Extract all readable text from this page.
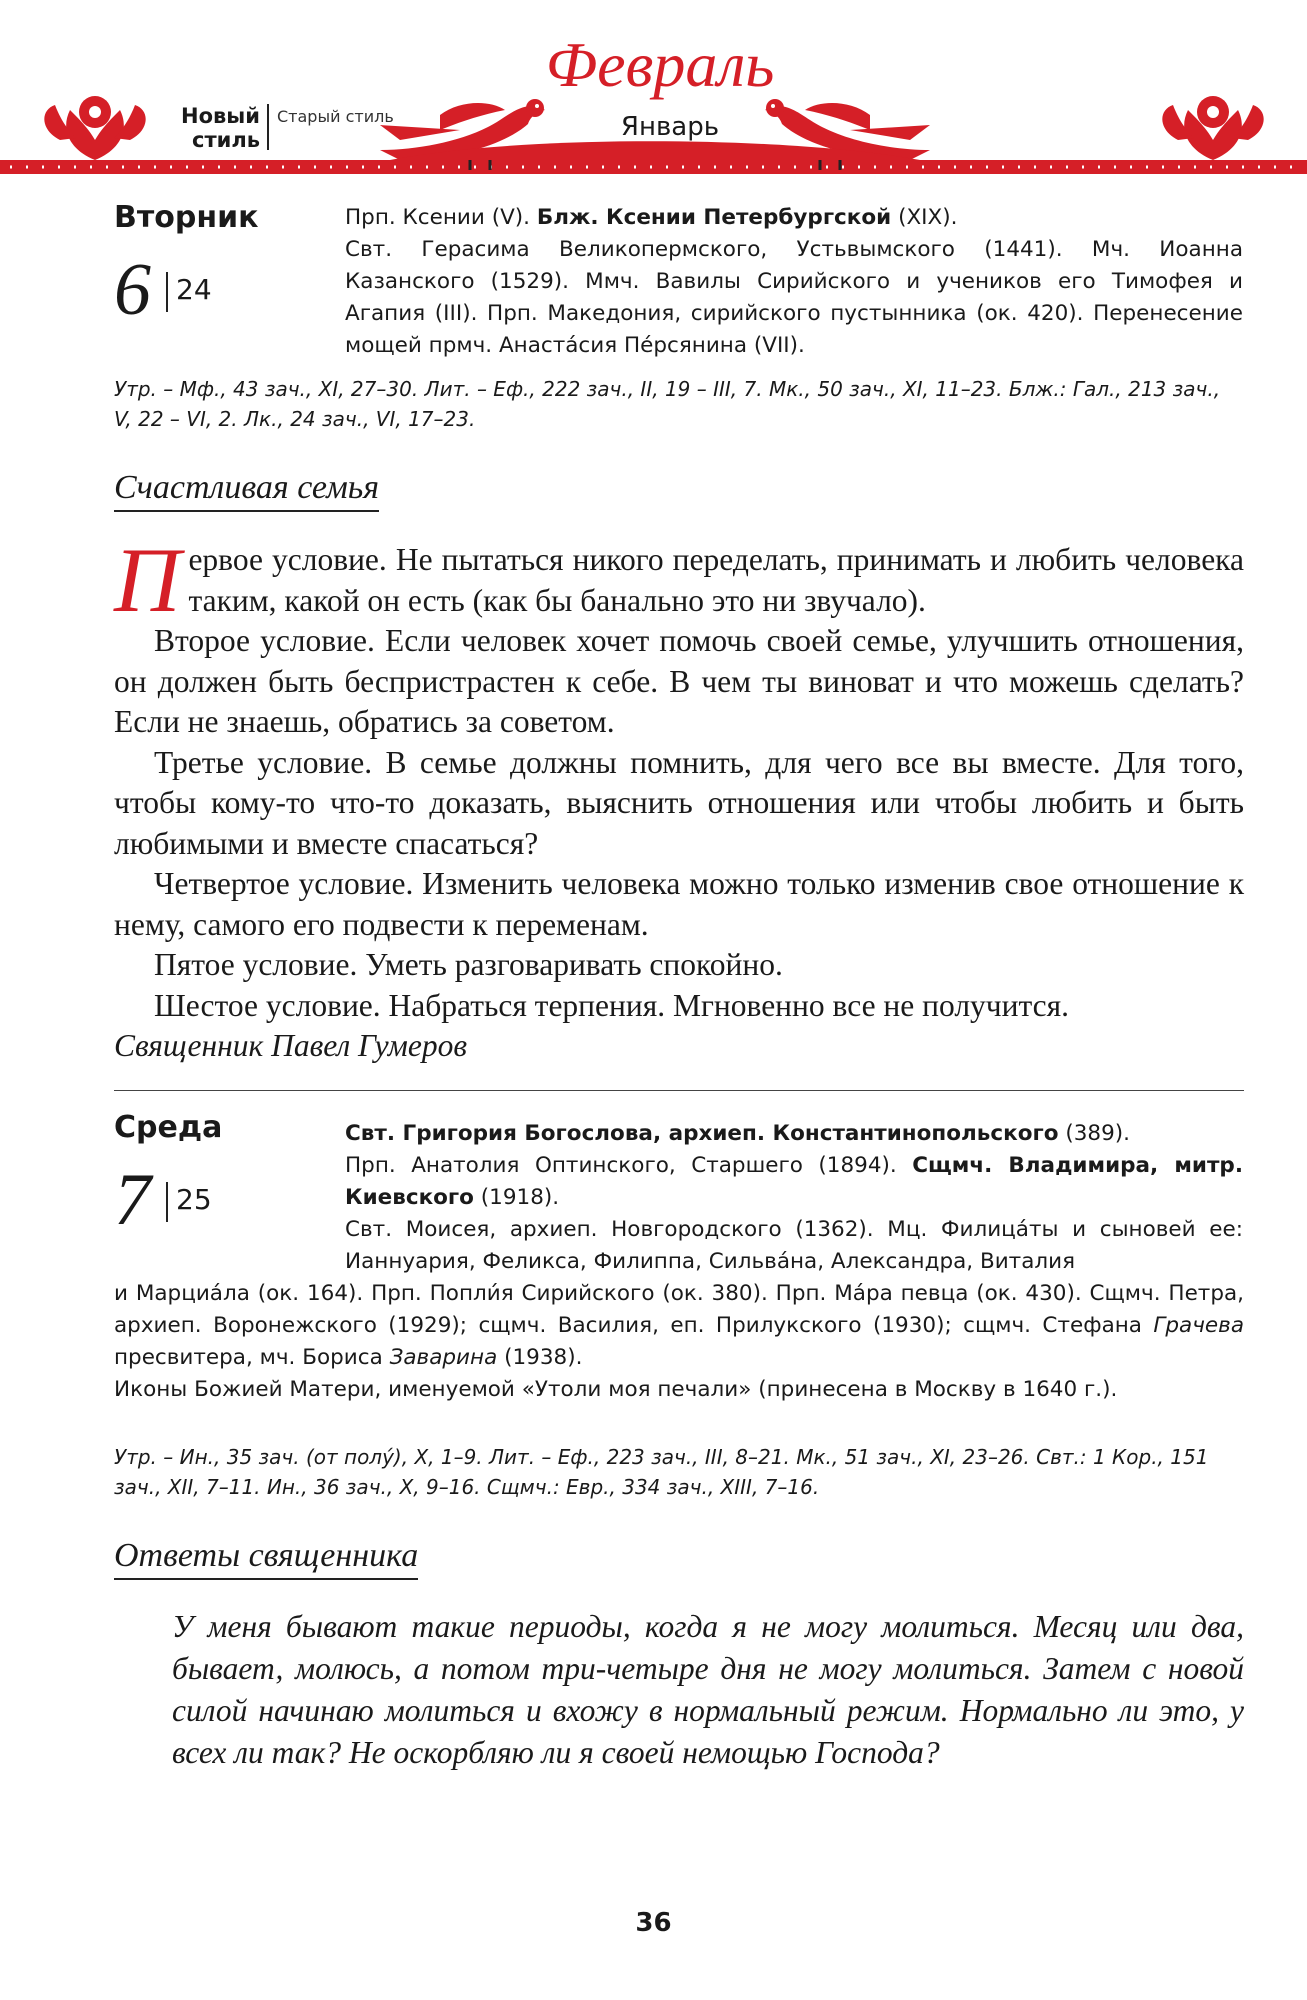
Новый стиль
Старый стиль
Февраль
Январь
Вторник
6 24
Прп. Ксении (V). Блж. Ксении Петербургской (XIX).
Свт. Герасима Великопермского, Устьвымского (1441). Мч. Иоанна Казанского (1529). Ммч. Вавилы Сирийского и учеников его Тимофея и Агапия (III). Прп. Македония, сирийского пустынника (ок. 420). Перенесение мощей прмч. Анаста́сия Пе́рсянина (VII).
Утр. – Мф., 43 зач., XI, 27–30. Лит. – Еф., 222 зач., II, 19 – III, 7. Мк., 50 зач., XI, 11–23. Блж.: Гал., 213 зач., V, 22 – VI, 2. Лк., 24 зач., VI, 17–23.
Счастливая семья

Первое условие. Не пытаться никого переделать, принимать и любить человека таким, какой он есть (как бы банально это ни звучало).

Второе условие. Если человек хочет помочь своей семье, улучшить отношения, он должен быть беспристрастен к себе. В чем ты виноват и что можешь сделать? Если не знаешь, обратись за советом.

Третье условие. В семье должны помнить, для чего все вы вместе. Для того, чтобы кому-то что-то доказать, выяснить отношения или чтобы любить и быть любимыми и вместе спасаться?

Четвертое условие. Изменить человека можно только изменив свое отношение к нему, самого его подвести к переменам.

Пятое условие. Уметь разговаривать спокойно.

Шестое условие. Набраться терпения. Мгновенно все не получится.

Священник Павел Гумеров

Среда
7 25
Свт. Григория Богослова, архиеп. Константинопольского (389).
Прп. Анатолия Оптинского, Старшего (1894). Сщмч. Владимира, митр. Киевского (1918).
Свт. Моисея, архиеп. Новгородского (1362). Мц. Филица́ты и сыновей ее: Ианнуария, Феликса, Филиппа, Сильва́на, Александра, Виталия
и Марциа́ла (ок. 164). Прп. Попли́я Сирийского (ок. 380). Прп. Ма́ра певца (ок. 430). Сщмч. Петра, архиеп. Воронежского (1929); сщмч. Василия, еп. Прилукского (1930); сщмч. Стефана Грачева пресвитера, мч. Бориса Заварина (1938).
Иконы Божией Матери, именуемой «Утоли моя печали» (принесена в Москву в 1640 г.).
Утр. – Ин., 35 зач. (от полу́), X, 1–9. Лит. – Еф., 223 зач., III, 8–21. Мк., 51 зач., XI, 23–26. Свт.: 1 Кор., 151 зач., XII, 7–11. Ин., 36 зач., X, 9–16. Сщмч.: Евр., 334 зач., XIII, 7–16.
Ответы священника
У меня бывают такие периоды, когда я не могу молиться. Месяц или два, бывает, молюсь, а потом три-четыре дня не могу молиться. Затем с новой силой начинаю молиться и вхожу в нормальный режим. Нормально ли это, у всех ли так? Не оскорбляю ли я своей немощью Господа?
36
